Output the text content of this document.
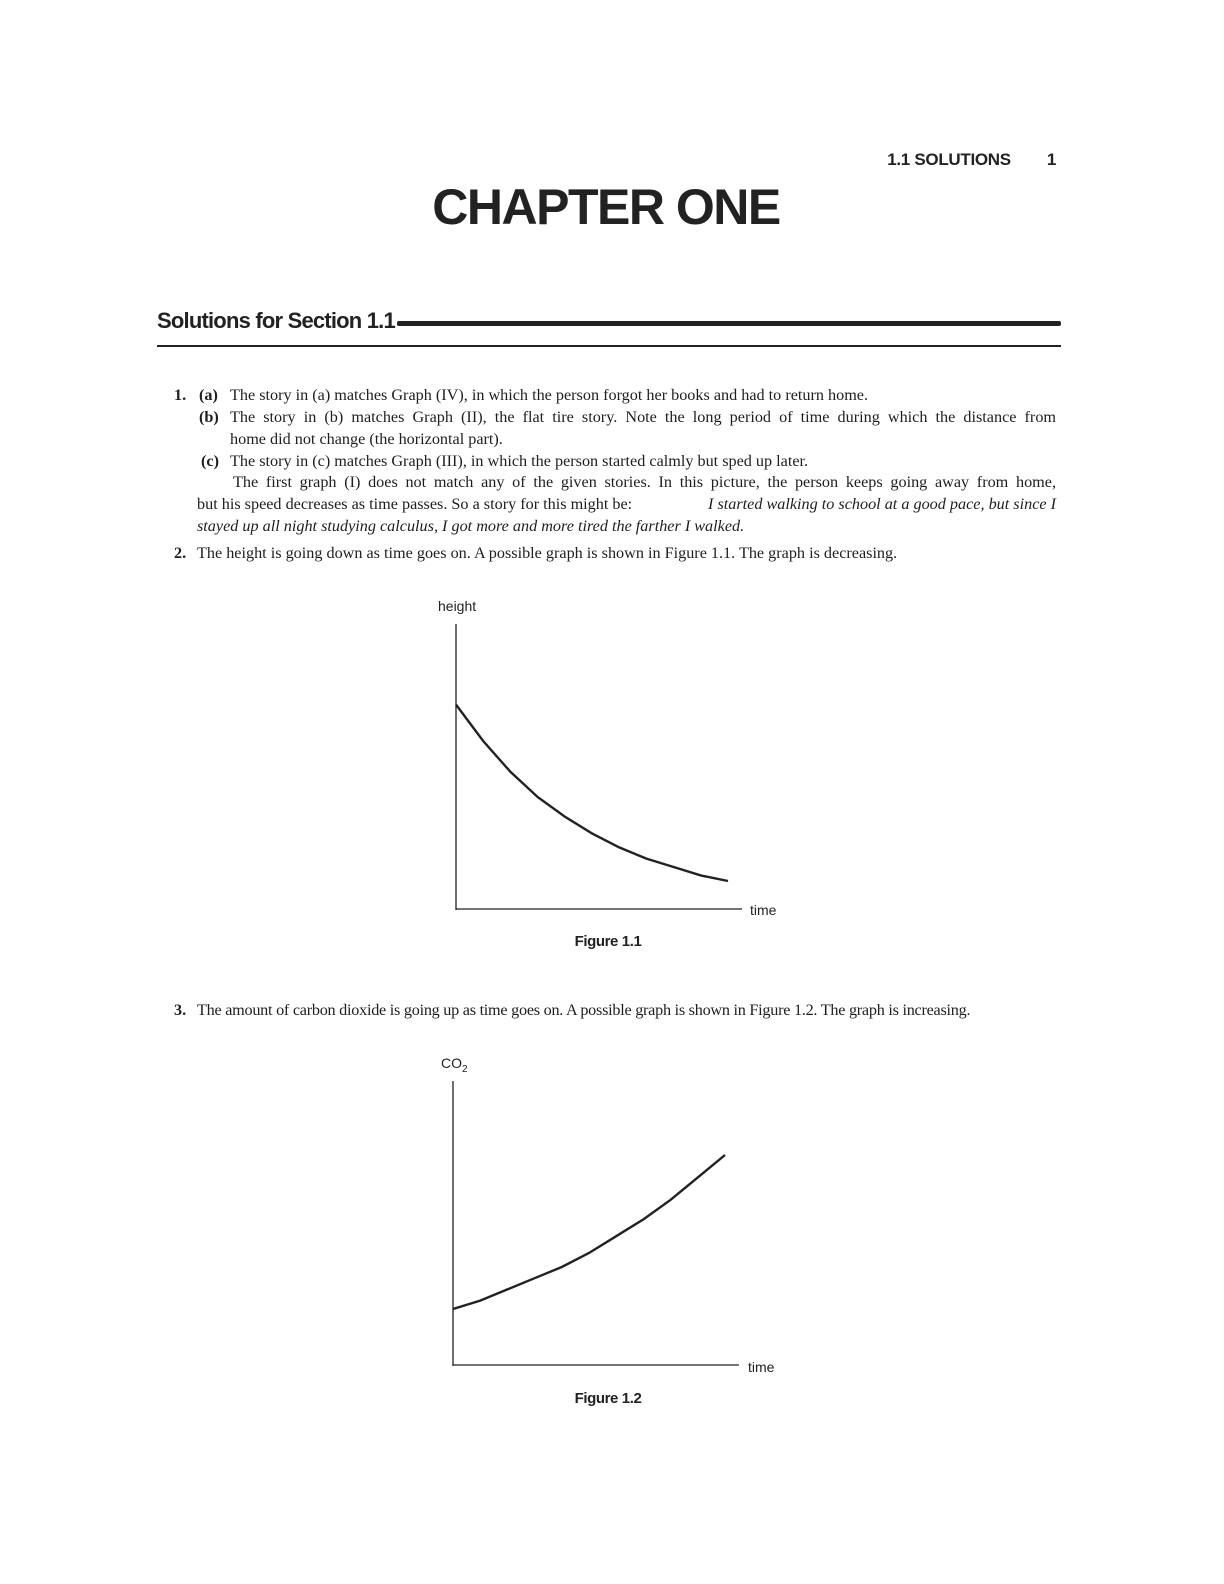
1.1 SOLUTIONS 1
CHAPTER ONE
Solutions for Section 1.1
1. (a) The story in (a) matches Graph (IV), in which the person forgot her books and had to return home.
(b) The story in (b) matches Graph (II), the flat tire story. Note the long period of time during which the distance from
home did not change (the horizontal part).
(c) The story in (c) matches Graph (III), in which the person started calmly but sped up later.
The first graph (I) does not match any of the given stories. In this picture, the person keeps going away from home,
but his speed decreases as time passes. So a story for this might be:	I started walking to school at a good pace, but since I
stayed up all night studying calculus, I got more and more tired the farther I walked.
2. The height is going down as time goes on. A possible graph is shown in Figure 1.1. The graph is decreasing.
height
time
Figure 1.1
3. The amount of carbon dioxide is going up as time goes on. A possible graph is shown in Figure 1.2. The graph is increasing.
$CO_2$
time
Figure 1.2
